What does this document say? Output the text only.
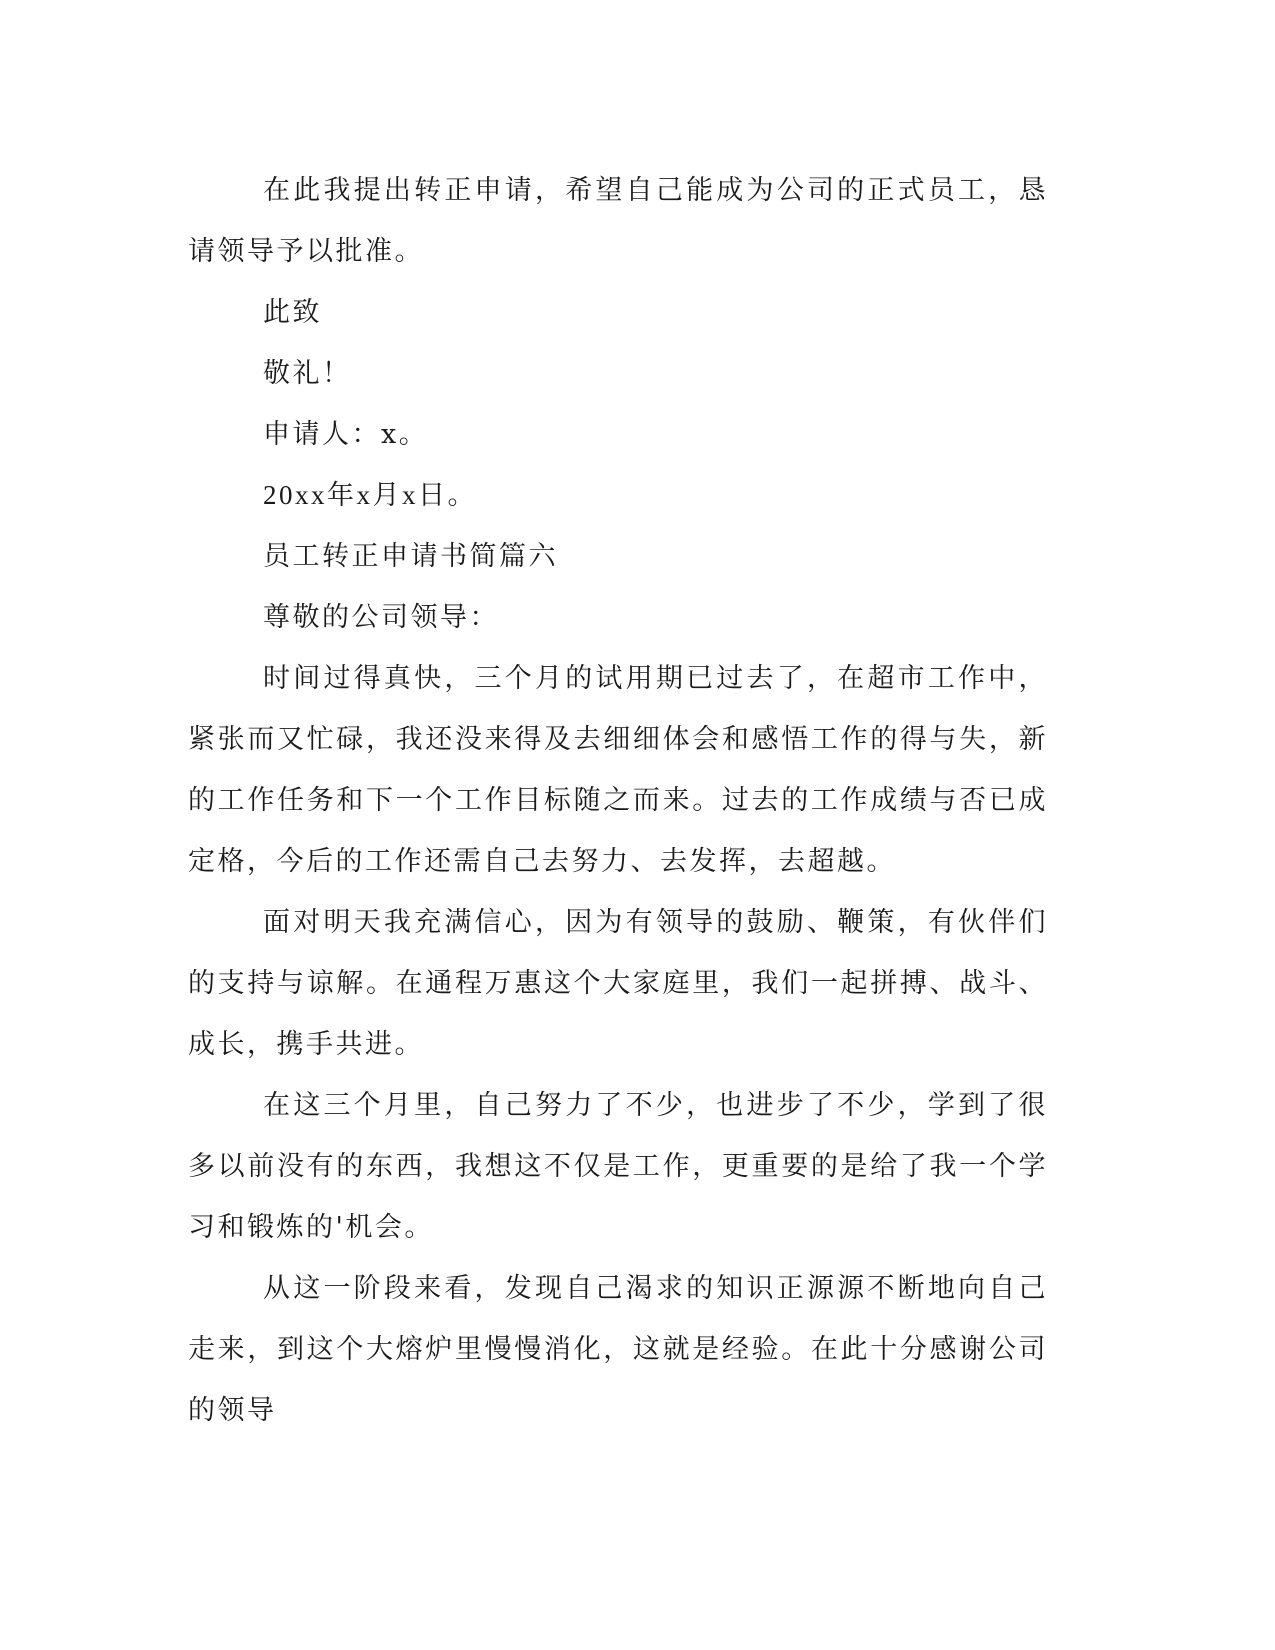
在此我提出转正申请，希望自己能成为公司的正式员工，恳请领导予以批准。

此致

敬礼！

申请人：x。

20xx年x月x日。

员工转正申请书简篇六

尊敬的公司领导：

时间过得真快，三个月的试用期已过去了，在超市工作中，紧张而又忙碌，我还没来得及去细细体会和感悟工作的得与失，新的工作任务和下一个工作目标随之而来。过去的工作成绩与否已成定格，今后的工作还需自己去努力、去发挥，去超越。

面对明天我充满信心，因为有领导的鼓励、鞭策，有伙伴们的支持与谅解。在通程万惠这个大家庭里，我们一起拼搏、战斗、成长，携手共进。

在这三个月里，自己努力了不少，也进步了不少，学到了很多以前没有的东西，我想这不仅是工作，更重要的是给了我一个学习和锻炼的'机会。

从这一阶段来看，发现自己渴求的知识正源源不断地向自己走来，到这个大熔炉里慢慢消化，这就是经验。在此十分感谢公司的领导
